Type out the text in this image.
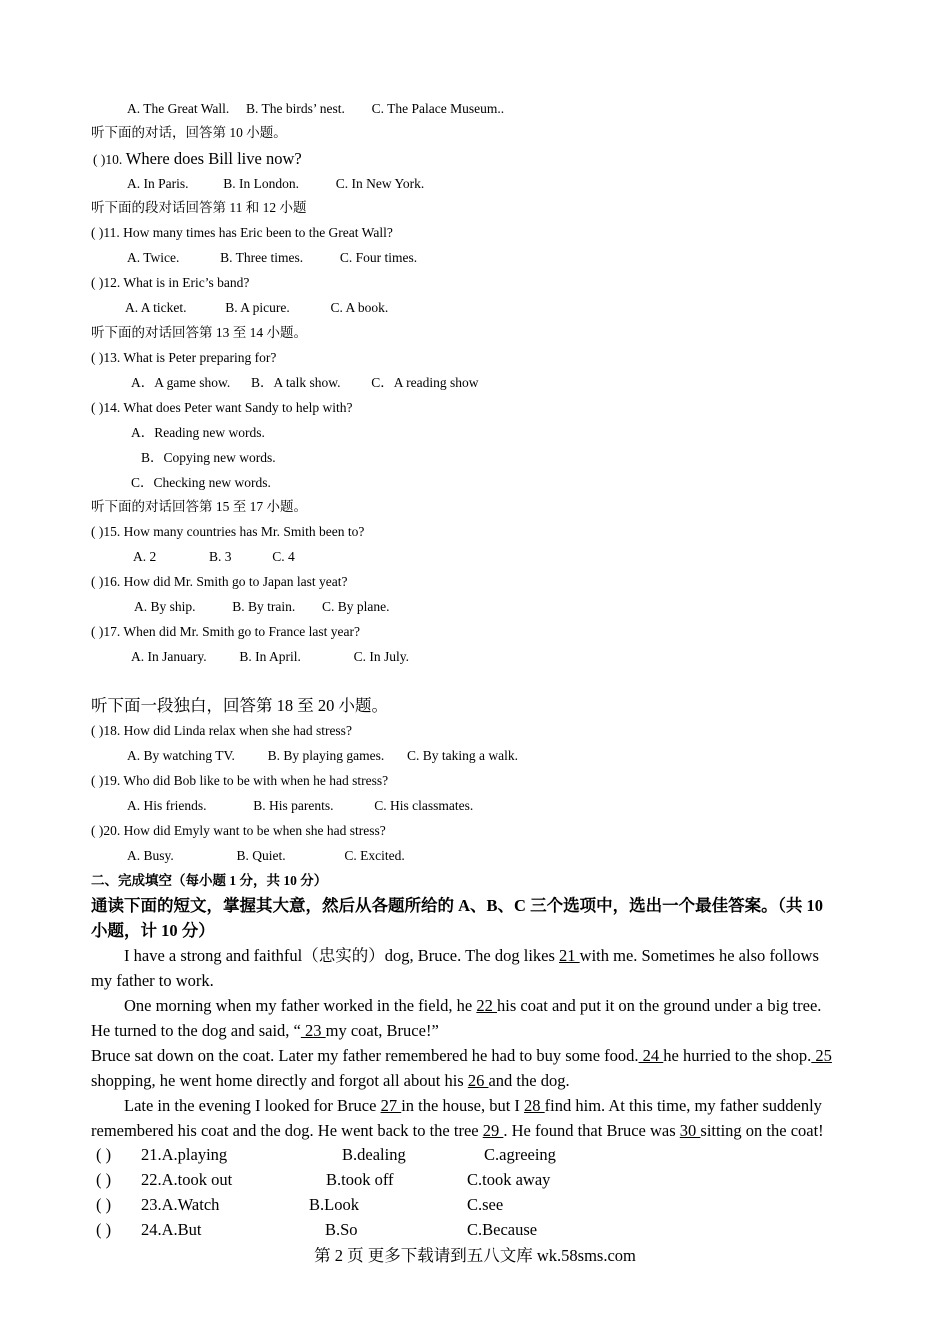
A. The Great Wall. B. The birds’ nest. C. The Palace Museum..
听下面的对话，回答第 10 小题。
( )10. Where does Bill live now?
A. In Paris.	B. In London.	C. In New York.
听下面的段对话回答第 11 和 12 小题
( )11. How many times has Eric been to the Great Wall?
A. Twice.	B. Three times.	C. Four times.
( )12. What is in Eric’s band?
A. A ticket.	B. A picure.	C. A book.
听下面的对话回答第 13 至 14 小题。
( )13. What is Peter preparing for?
A．A game show. B．A talk show. C．A reading show
( )14. What does Peter want Sandy to help with?
A．Reading new words.
B．Copying new words.
C．Checking new words.
听下面的对话回答第 15 至 17 小题。
( )15. How many countries has Mr. Smith been to?
A. 2	B. 3	C. 4
( )16. How did Mr. Smith go to Japan last yeat?
A. By ship.	B. By train. C. By plane.
( )17. When did Mr. Smith go to France last year?
A. In January. B. In April.	C. In July.
听下面一段独白，回答第 18 至 20 小题。
( )18. How did Linda relax when she had stress?
A. By watching TV. B. By playing games. C. By taking a walk.
( )19. Who did Bob like to be with when he had stress?
A. His friends.	B. His parents.	C. His classmates.
( )20. How did Emyly want to be when she had stress?
A. Busy.	B. Quiet.	C. Excited.
二、完成填空（每小题 1 分，共 10 分）
通读下面的短文，掌握其大意，然后从各题所给的 A、B、C 三个选项中，选出一个最佳答案。（共 10
小题，计 10 分）
I have a strong and faithful（忠实的）dog, Bruce. The dog likes 21 with me. Sometimes he also follows
my father to work.
One morning when my father worked in the field, he 22 his coat and put it on the ground under a big tree.
He turned to the dog and said, “ 23 my coat, Bruce!”
Bruce sat down on the coat. Later my father remembered he had to buy some food. 24 he hurried to the shop. 25
shopping, he went home directly and forgot all about his 26 and the dog.
Late in the evening I looked for Bruce 27 in the house, but I 28 find him. At this time, my father suddenly
remembered his coat and the dog. He went back to the tree 29 . He found that Bruce was 30 sitting on the coat!
( ) 21.A.playing	B.dealing	C.agreeing
( ) 22.A.took out	B.took off	C.took away
( ) 23.A.Watch	B.Look	C.see
( ) 24.A.But	B.So	C.Because
第 2 页 更多下载请到五八文库 wk.58sms.com
